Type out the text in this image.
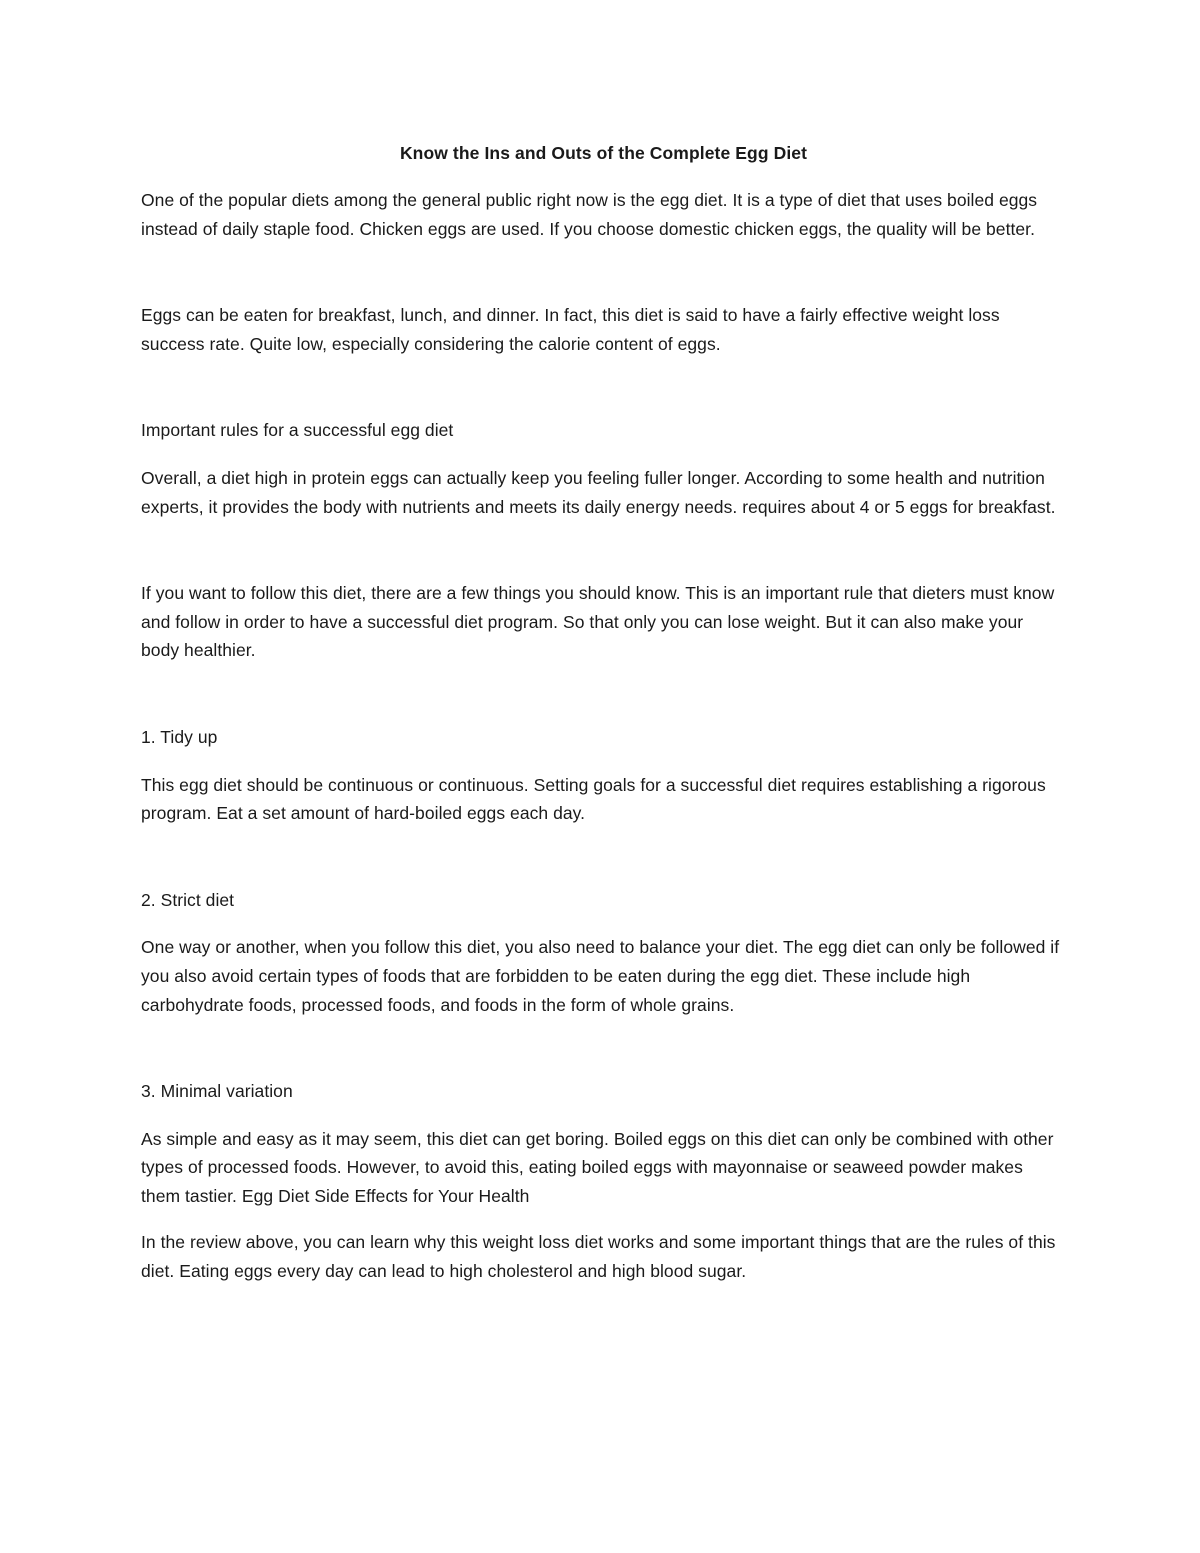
Know the Ins and Outs of the Complete Egg Diet

One of the popular diets among the general public right now is the egg diet. It is a type of diet that uses boiled eggs instead of daily staple food. Chicken eggs are used. If you choose domestic chicken eggs, the quality will be better.

Eggs can be eaten for breakfast, lunch, and dinner. In fact, this diet is said to have a fairly effective weight loss success rate. Quite low, especially considering the calorie content of eggs.

Important rules for a successful egg diet

Overall, a diet high in protein eggs can actually keep you feeling fuller longer. According to some health and nutrition experts, it provides the body with nutrients and meets its daily energy needs. requires about 4 or 5 eggs for breakfast.

If you want to follow this diet, there are a few things you should know. This is an important rule that dieters must know and follow in order to have a successful diet program. So that only you can lose weight. But it can also make your body healthier.

1. Tidy up

This egg diet should be continuous or continuous. Setting goals for a successful diet requires establishing a rigorous program. Eat a set amount of hard-boiled eggs each day.

2. Strict diet

One way or another, when you follow this diet, you also need to balance your diet. The egg diet can only be followed if you also avoid certain types of foods that are forbidden to be eaten during the egg diet. These include high carbohydrate foods, processed foods, and foods in the form of whole grains.

3. Minimal variation

As simple and easy as it may seem, this diet can get boring. Boiled eggs on this diet can only be combined with other types of processed foods. However, to avoid this, eating boiled eggs with mayonnaise or seaweed powder makes them tastier. Egg Diet Side Effects for Your Health

In the review above, you can learn why this weight loss diet works and some important things that are the rules of this diet. Eating eggs every day can lead to high cholesterol and high blood sugar.
